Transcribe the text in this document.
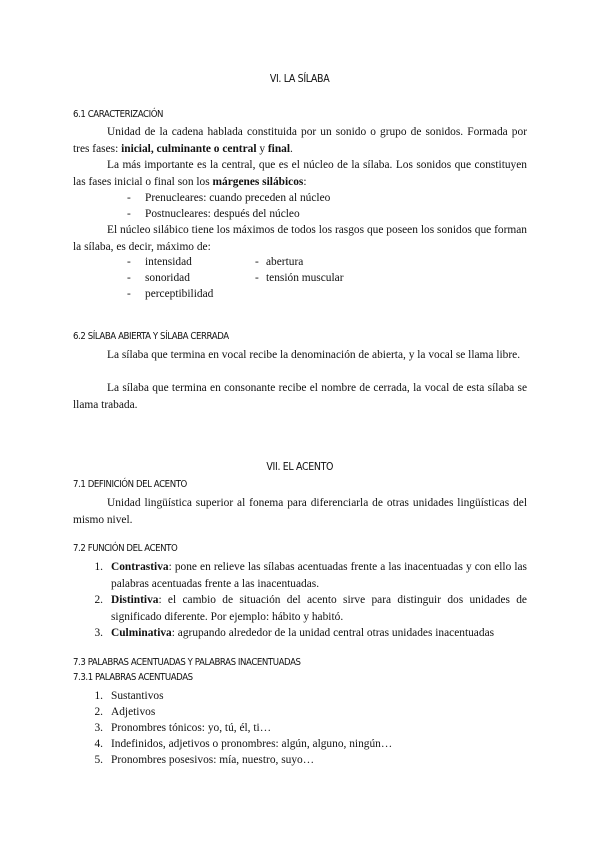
VI. LA SÍLABA
6.1 CARACTERIZACIÓN
Unidad de la cadena hablada constituida por un sonido o grupo de sonidos. Formada por tres fases: inicial, culminante o central y final.
La más importante es la central, que es el núcleo de la sílaba. Los sonidos que constituyen las fases inicial o final son los márgenes silábicos:
- Prenucleares: cuando preceden al núcleo
- Postnucleares: después del núcleo
El núcleo silábico tiene los máximos de todos los rasgos que poseen los sonidos que forman la sílaba, es decir, máximo de:
- intensidad	- abertura
- sonoridad	- tensión muscular
- perceptibilidad
6.2 SÍLABA ABIERTA Y SÍLABA CERRADA
La sílaba que termina en vocal recibe la denominación de abierta, y la vocal se llama libre.
La sílaba que termina en consonante recibe el nombre de cerrada, la vocal de esta sílaba se llama trabada.
VII. EL ACENTO
7.1 DEFINICIÓN DEL ACENTO
Unidad lingüística superior al fonema para diferenciarla de otras unidades lingüísticas del mismo nivel.
7.2 FUNCIÓN DEL ACENTO
1. Contrastiva: pone en relieve las sílabas acentuadas frente a las inacentuadas y con ello las palabras acentuadas frente a las inacentuadas.
2. Distintiva: el cambio de situación del acento sirve para distinguir dos unidades de significado diferente. Por ejemplo: hábito y habitó.
3. Culminativa: agrupando alrededor de la unidad central otras unidades inacentuadas
7.3 PALABRAS ACENTUADAS Y PALABRAS INACENTUADAS
7.3.1 PALABRAS ACENTUADAS
1. Sustantivos
2. Adjetivos
3. Pronombres tónicos: yo, tú, él, ti…
4. Indefinidos, adjetivos o pronombres: algún, alguno, ningún…
5. Pronombres posesivos: mía, nuestro, suyo…
